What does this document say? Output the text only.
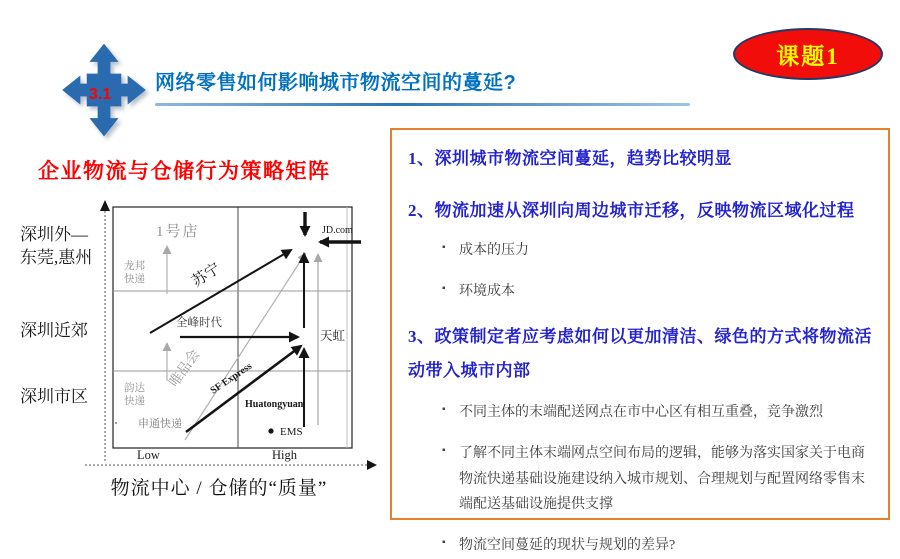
3.1
网络零售如何影响城市物流空间的蔓延?
课题1
企业物流与仓储行为策略矩阵
深圳外—东莞,惠州
深圳近郊
深圳市区
1号店	JD.com
龙邦
快递	苏宁
全峰时代
天虹
唯品会 SF Express
韵达
快递
申通快递
Huatongyuan
EMS
Low	High
物流中心 / 仓储的“质量”

1、深圳城市物流空间蔓延，趋势比较明显

2、物流加速从深圳向周边城市迁移，反映物流区域化过程

▪ 成本的压力
▪ 环境成本

3、政策制定者应考虑如何以更加清洁、绿色的方式将物流活动带入城市内部

▪ 不同主体的末端配送网点在市中心区有相互重叠，竞争激烈
▪ 了解不同主体末端网点空间布局的逻辑，能够为落实国家关于电商物流快递基础设施建设纳入城市规划、合理规划与配置网络零售末端配送基础设施提供支撑
▪ 物流空间蔓延的现状与规划的差异?
